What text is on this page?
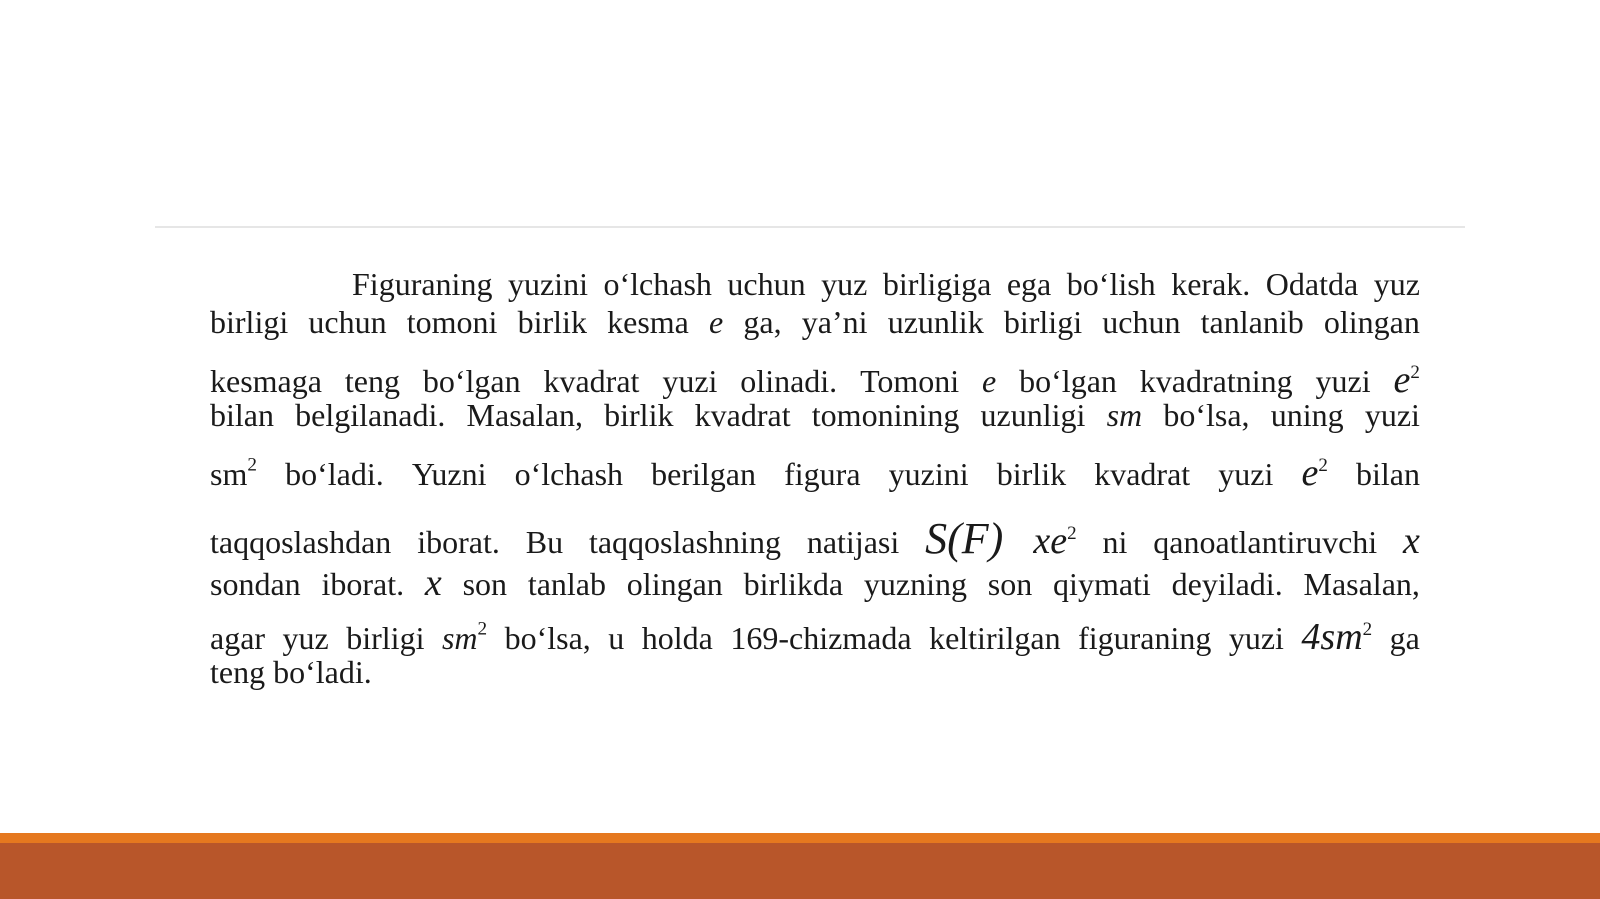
Figuraning yuzini o‘lchash uchun yuz birligiga ega bo‘lish kerak. Odatda yuz
birligi uchun tomoni birlik kesma e ga, ya’ni uzunlik birligi uchun tanlanib olingan
kesmaga teng bo‘lgan kvadrat yuzi olinadi. Tomoni e bo‘lgan kvadratning yuzi $e^2$
bilan belgilanadi. Masalan, birlik kvadrat tomonining uzunligi sm bo‘lsa, uning yuzi
$sm^2$ bo‘ladi. Yuzni o‘lchash berilgan figura yuzini birlik kvadrat yuzi $e^2$ bilan
taqqoslashdan iborat. Bu taqqoslashning natijasi S(F) $xe^2$ ni qanoatlantiruvchi x
sondan iborat. x son tanlab olingan birlikda yuzning son qiymati deyiladi. Masalan,
agar yuz birligi $sm^2$ bo‘lsa, u holda 169-chizmada keltirilgan figuraning yuzi $4sm^2$ ga
teng bo‘ladi.
